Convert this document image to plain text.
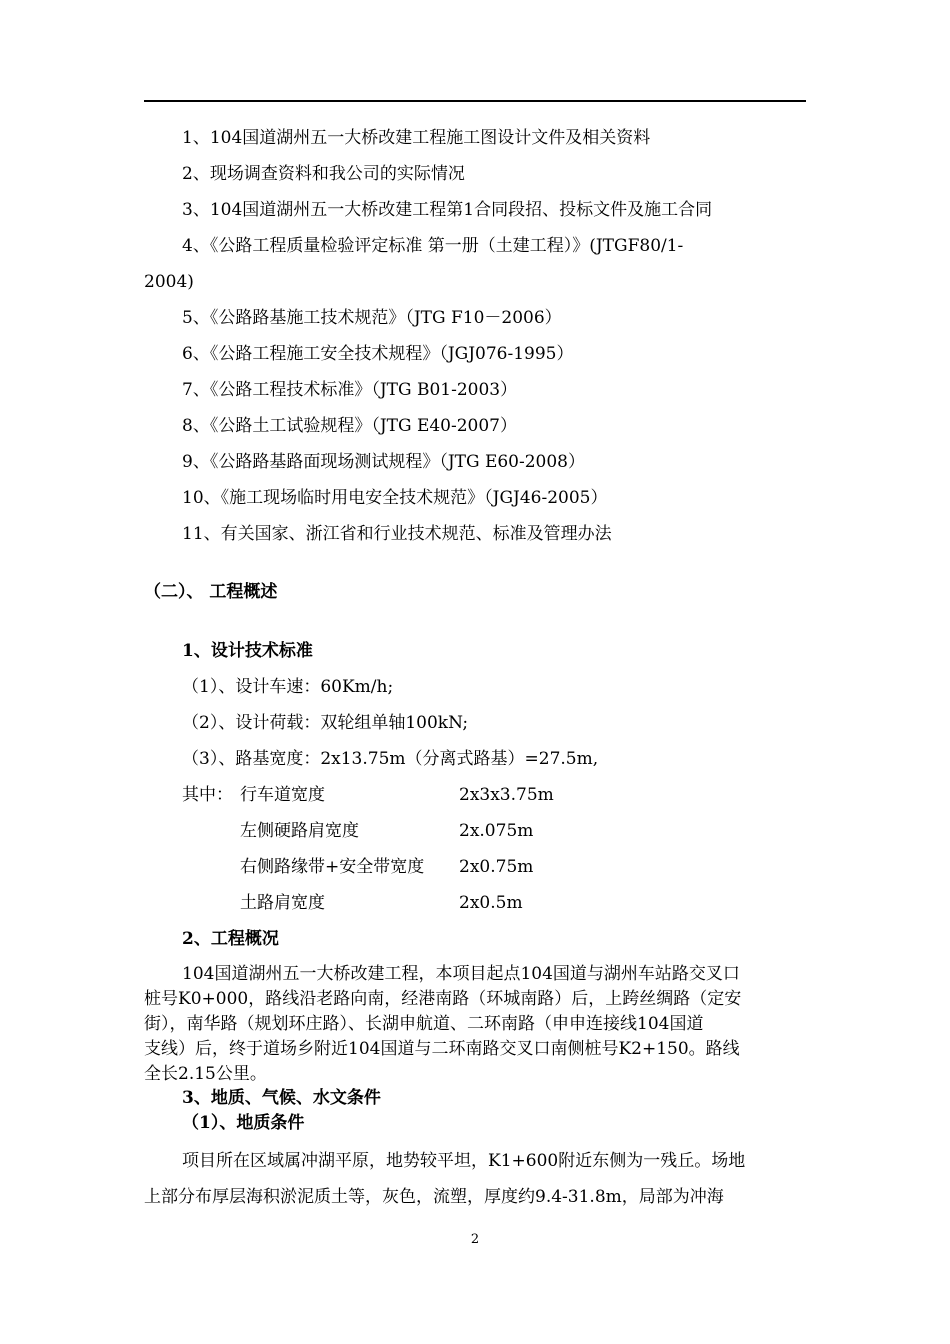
1、104国道湖州五一大桥改建工程施工图设计文件及相关资料
2、现场调查资料和我公司的实际情况
3、104国道湖州五一大桥改建工程第1合同段招、投标文件及施工合同
4、《公路工程质量检验评定标准 第一册（土建工程）》(JTGF80/1-
2004)
5、《公路路基施工技术规范》（JTG F10－2006）
6、《公路工程施工安全技术规程》（JGJ076-1995）
7、《公路工程技术标准》（JTG B01-2003）
8、《公路土工试验规程》（JTG E40-2007）
9、《公路路基路面现场测试规程》（JTG E60-2008）
10、《施工现场临时用电安全技术规范》（JGJ46-2005）
11、有关国家、浙江省和行业技术规范、标准及管理办法
（二）、 工程概述
1、设计技术标准
（1）、设计车速：60Km/h;
（2）、设计荷载：双轮组单轴100kN;
（3）、路基宽度：2x13.75m（分离式路基）=27.5m,
其中： 行车道宽度	2x3x3.75m
左侧硬路肩宽度	2x.075m
右侧路缘带+安全带宽度 2x0.75m
土路肩宽度	2x0.5m
2、工程概况
104国道湖州五一大桥改建工程，本项目起点104国道与湖州车站路交叉口
桩号K0+000，路线沿老路向南，经港南路（环城南路）后，上跨丝绸路（定安
街），南华路（规划环庄路）、长湖申航道、二环南路（申申连接线104国道
支线）后，终于道场乡附近104国道与二环南路交叉口南侧桩号K2+150。路线
全长2.15公里。
3、地质、气候、水文条件
（1）、地质条件
项目所在区域属冲湖平原，地势较平坦，K1+600附近东侧为一残丘。场地
上部分布厚层海积淤泥质土等，灰色，流塑，厚度约9.4-31.8m，局部为冲海
2
